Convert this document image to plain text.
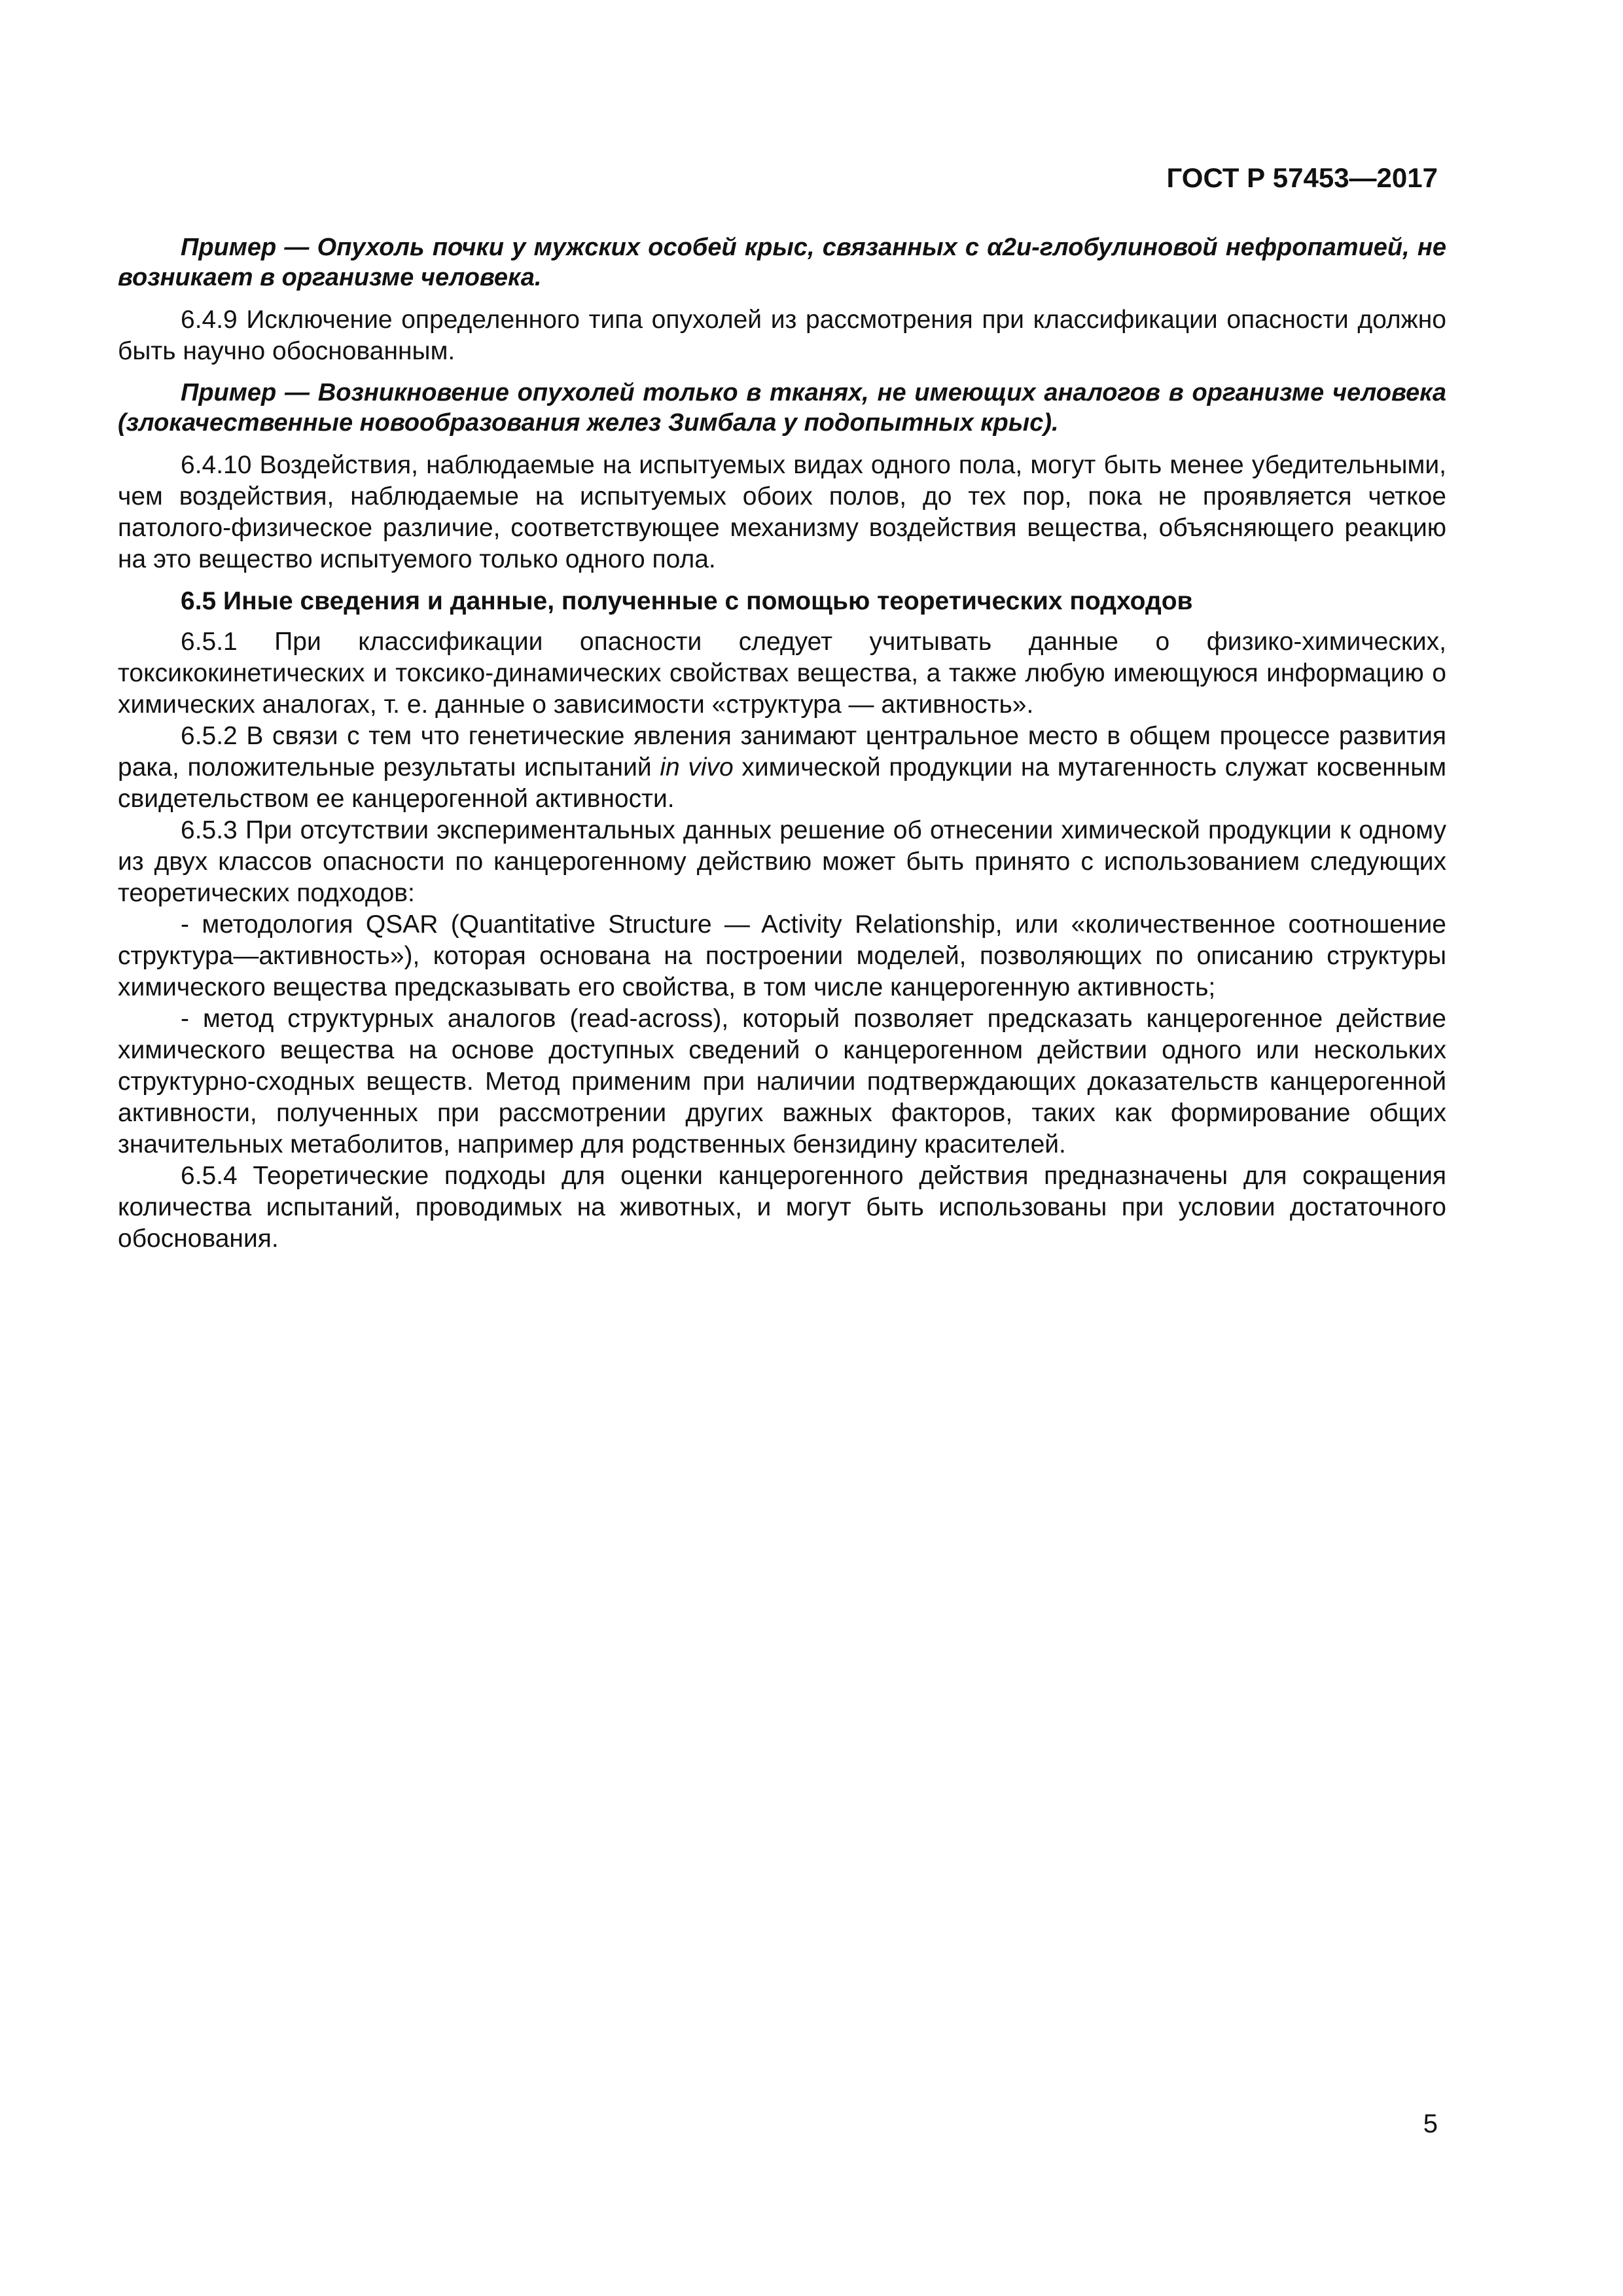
ГОСТ Р 57453—2017

Пример — Опухоль почки у мужских особей крыс, связанных с α2и-глобулиновой нефропатией, не возникает в организме человека.

6.4.9 Исключение определенного типа опухолей из рассмотрения при классификации опасности должно быть научно обоснованным.

Пример — Возникновение опухолей только в тканях, не имеющих аналогов в организме человека (злокачественные новообразования желез Зимбала у подопытных крыс).

6.4.10 Воздействия, наблюдаемые на испытуемых видах одного пола, могут быть менее убедительными, чем воздействия, наблюдаемые на испытуемых обоих полов, до тех пор, пока не проявляется четкое патолого-физическое различие, соответствующее механизму воздействия вещества, объясняющего реакцию на это вещество испытуемого только одного пола.

6.5 Иные сведения и данные, полученные с помощью теоретических подходов

6.5.1 При классификации опасности следует учитывать данные о физико-химических, токсикокинетических и токсико-динамических свойствах вещества, а также любую имеющуюся информацию о химических аналогах, т. е. данные о зависимости «структура — активность».

6.5.2 В связи с тем что генетические явления занимают центральное место в общем процессе развития рака, положительные результаты испытаний in vivo химической продукции на мутагенность служат косвенным свидетельством ее канцерогенной активности.

6.5.3 При отсутствии экспериментальных данных решение об отнесении химической продукции к одному из двух классов опасности по канцерогенному действию может быть принято с использованием следующих теоретических подходов:

- методология QSAR (Quantitative Structure — Activity Relationship, или «количественное соотношение структура—активность»), которая основана на построении моделей, позволяющих по описанию структуры химического вещества предсказывать его свойства, в том числе канцерогенную активность;

- метод структурных аналогов (read-across), который позволяет предсказать канцерогенное действие химического вещества на основе доступных сведений о канцерогенном действии одного или нескольких структурно-сходных веществ. Метод применим при наличии подтверждающих доказательств канцерогенной активности, полученных при рассмотрении других важных факторов, таких как формирование общих значительных метаболитов, например для родственных бензидину красителей.

6.5.4 Теоретические подходы для оценки канцерогенного действия предназначены для сокращения количества испытаний, проводимых на животных, и могут быть использованы при условии достаточного обоснования.

5
